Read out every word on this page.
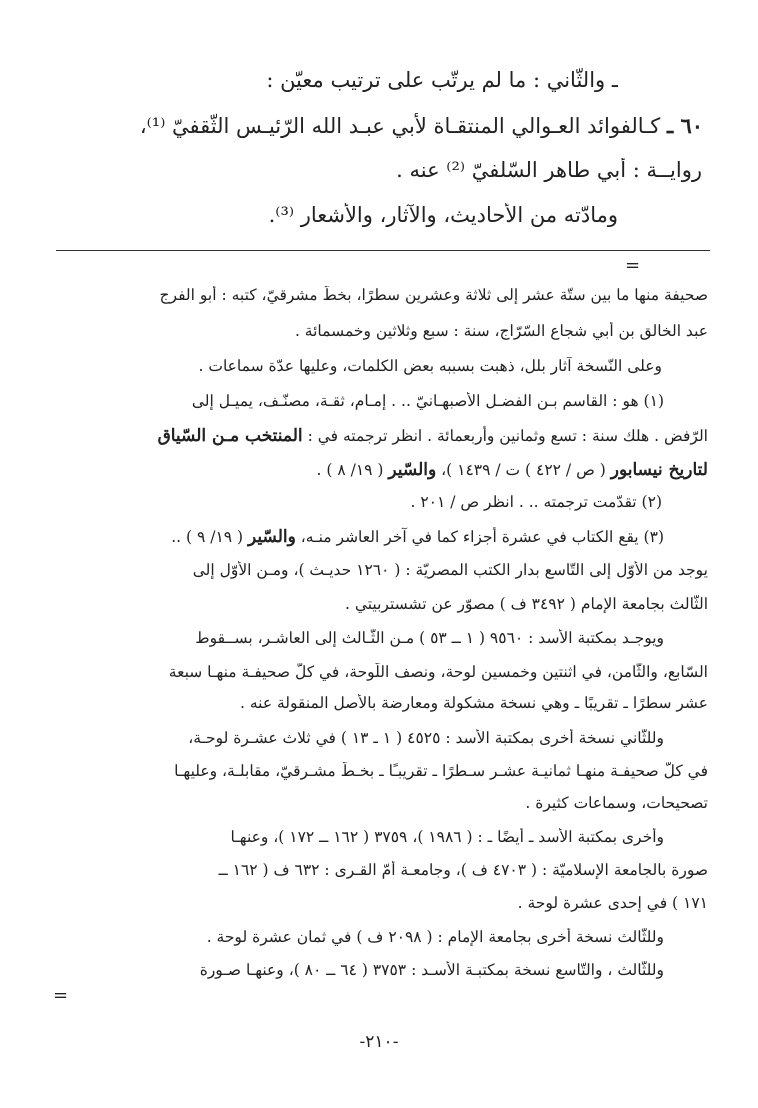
ـ والثّاني : ما لم يرتّب على ترتيب معيّن :
٦٠ ـ كـالفوائد العـوالي المنتقـاة لأبي عبـد الله الرّئيـس الثّقفيّ ⁽¹⁾،
روايــة : أبي طاهر السّلفيّ ⁽²⁾ عنه .
ومادّته من الأحاديث، والآثار، والأشعار ⁽³⁾.
=
صحيفة منها ما بين ستّة عشر إلى ثلاثة وعشرين سطرًا، بخطّ مشرقيّ، كتبه : أبو الفرج
عبد الخالق بن أبي شجاع السّرّاج، سنة : سبع وثلاثين وخمسمائة .
وعلى النّسخة آثار بلل، ذهبت بسببه بعض الكلمات، وعليها عدّة سماعات .
(١) هو : القاسم بـن الفضـل الأصبهـانيّ .. . إمـام، ثقـة، مصنّـف، يميـل إلى
الرّفض . هلك سنة : تسع وثمانين وأربعمائة . انظر ترجمته في : المنتخب مـن السّياق
لتاريخ نيسابور ( ص / ٤٢٢ ) ت / ١٤٣٩ )، والسّير ( ١٩/ ٨ ) .
(٢) تقدّمت ترجمته .. . انظر ص / ٢٠١ .
(٣) يقع الكتاب في عشرة أجزاء كما في آخر العاشر منـه، والسّير ( ١٩/ ٩ ) ..
يوجد من الأوّل إلى التّاسع بدار الكتب المصريّة : ( ١٢٦٠ حديـث )، ومـن الأوّل إلى
الثّالث بجامعة الإمام ( ٣٤٩٢ ف ) مصوّر عن تشستربيتي .
ويوجـد بمكتبة الأسد : ٩٥٦٠ ( ١ ــ ٥٣ ) مـن الثّـالث إلى العاشـر، بســقوط
السّابع، والثّامن، في اثنتين وخمسين لوحة، ونصف اللّوحة، في كلّ صحيفـة منهـا سبعة
عشر سطرًا ـ تقريبًا ـ وهي نسخة مشكولة ومعارضة بالأصل المنقولة عنه .
وللثّاني نسخة أخرى بمكتبة الأسد : ٤٥٢٥ ( ١ ـ ١٣ ) في ثلاث عشـرة لوحـة،
في كلّ صحيفـة منهـا ثمانيـة عشـر سـطرًا ـ تقريبـًا ـ بخـطّ مشـرقيّ، مقابلـة، وعليهـا
تصحيحات، وسماعات كثيرة .
وأخرى بمكتبة الأسد ـ أيضًا ـ : ( ١٩٨٦ )، ٣٧٥٩ ( ١٦٢ ــ ١٧٢ )، وعنهـا
صورة بالجامعة الإسلاميّة : ( ٤٧٠٣ ف )، وجامعـة أمّ القـرى : ٦٣٢ ف ( ١٦٢ ــ
١٧١ ) في إحدى عشرة لوحة .
وللثّالث نسخة أخرى بجامعة الإمام : ( ٢٠٩٨ ف ) في ثمان عشرة لوحة .
وللثّالث ، والتّاسع نسخة بمكتبـة الأسـد : ٣٧٥٣ ( ٦٤ ــ ٨٠ )، وعنهـا صـورة
=
-٢١٠-
